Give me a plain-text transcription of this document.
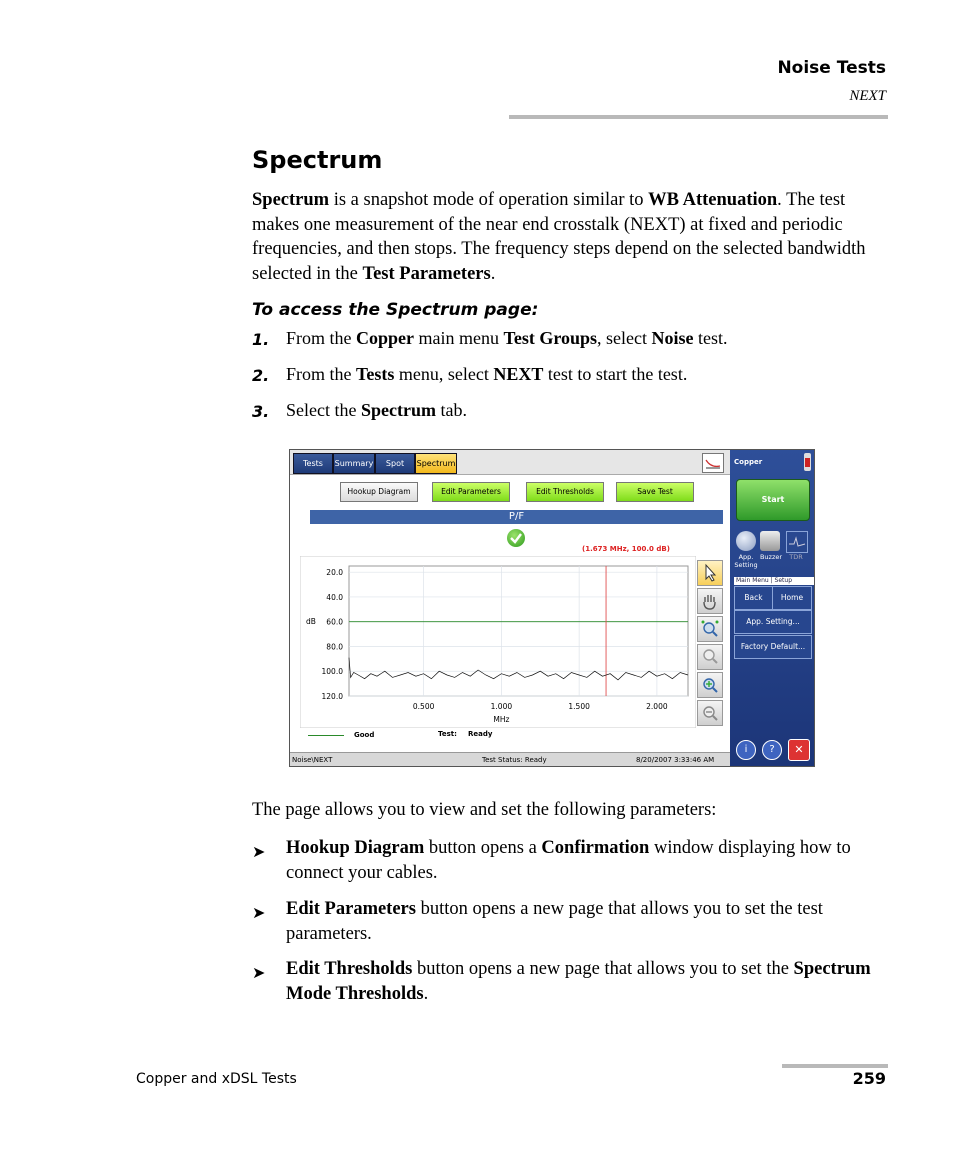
Noise Tests
NEXT
Spectrum
Spectrum is a snapshot mode of operation similar to WB Attenuation. The test makes one measurement of the near end crosstalk (NEXT) at fixed and periodic frequencies, and then stops. The frequency steps depend on the selected bandwidth selected in the Test Parameters.
To access the Spectrum page:
1. From the Copper main menu Test Groups, select Noise test.
2. From the Tests menu, select NEXT test to start the test.
3. Select the Spectrum tab.
Tests	Summary	Spot	Spectrum
Hookup Diagram	Edit Parameters	Edit Thresholds	Save Test
P/F
(1.673 MHz, 100.0 dB)
20.0
40.0
60.0
80.0
100.0
120.0
0.500	1.000	1.500	2.000
dB
MHz
Good	Test: Ready
Noise\NEXT	Test Status: Ready	8/20/2007 3:33:46 AM
Copper
Start
App. Setting
Buzzer	TDR
Main Menu | Setup
Back	Home
App. Setting...
Factory Default...
i	?	✕
The page allows you to view and set the following parameters:
➤ Hookup Diagram button opens a Confirmation window displaying how to connect your cables.
➤ Edit Parameters button opens a new page that allows you to set the test parameters.
➤ Edit Thresholds button opens a new page that allows you to set the Spectrum Mode Thresholds.
Copper and xDSL Tests	259
